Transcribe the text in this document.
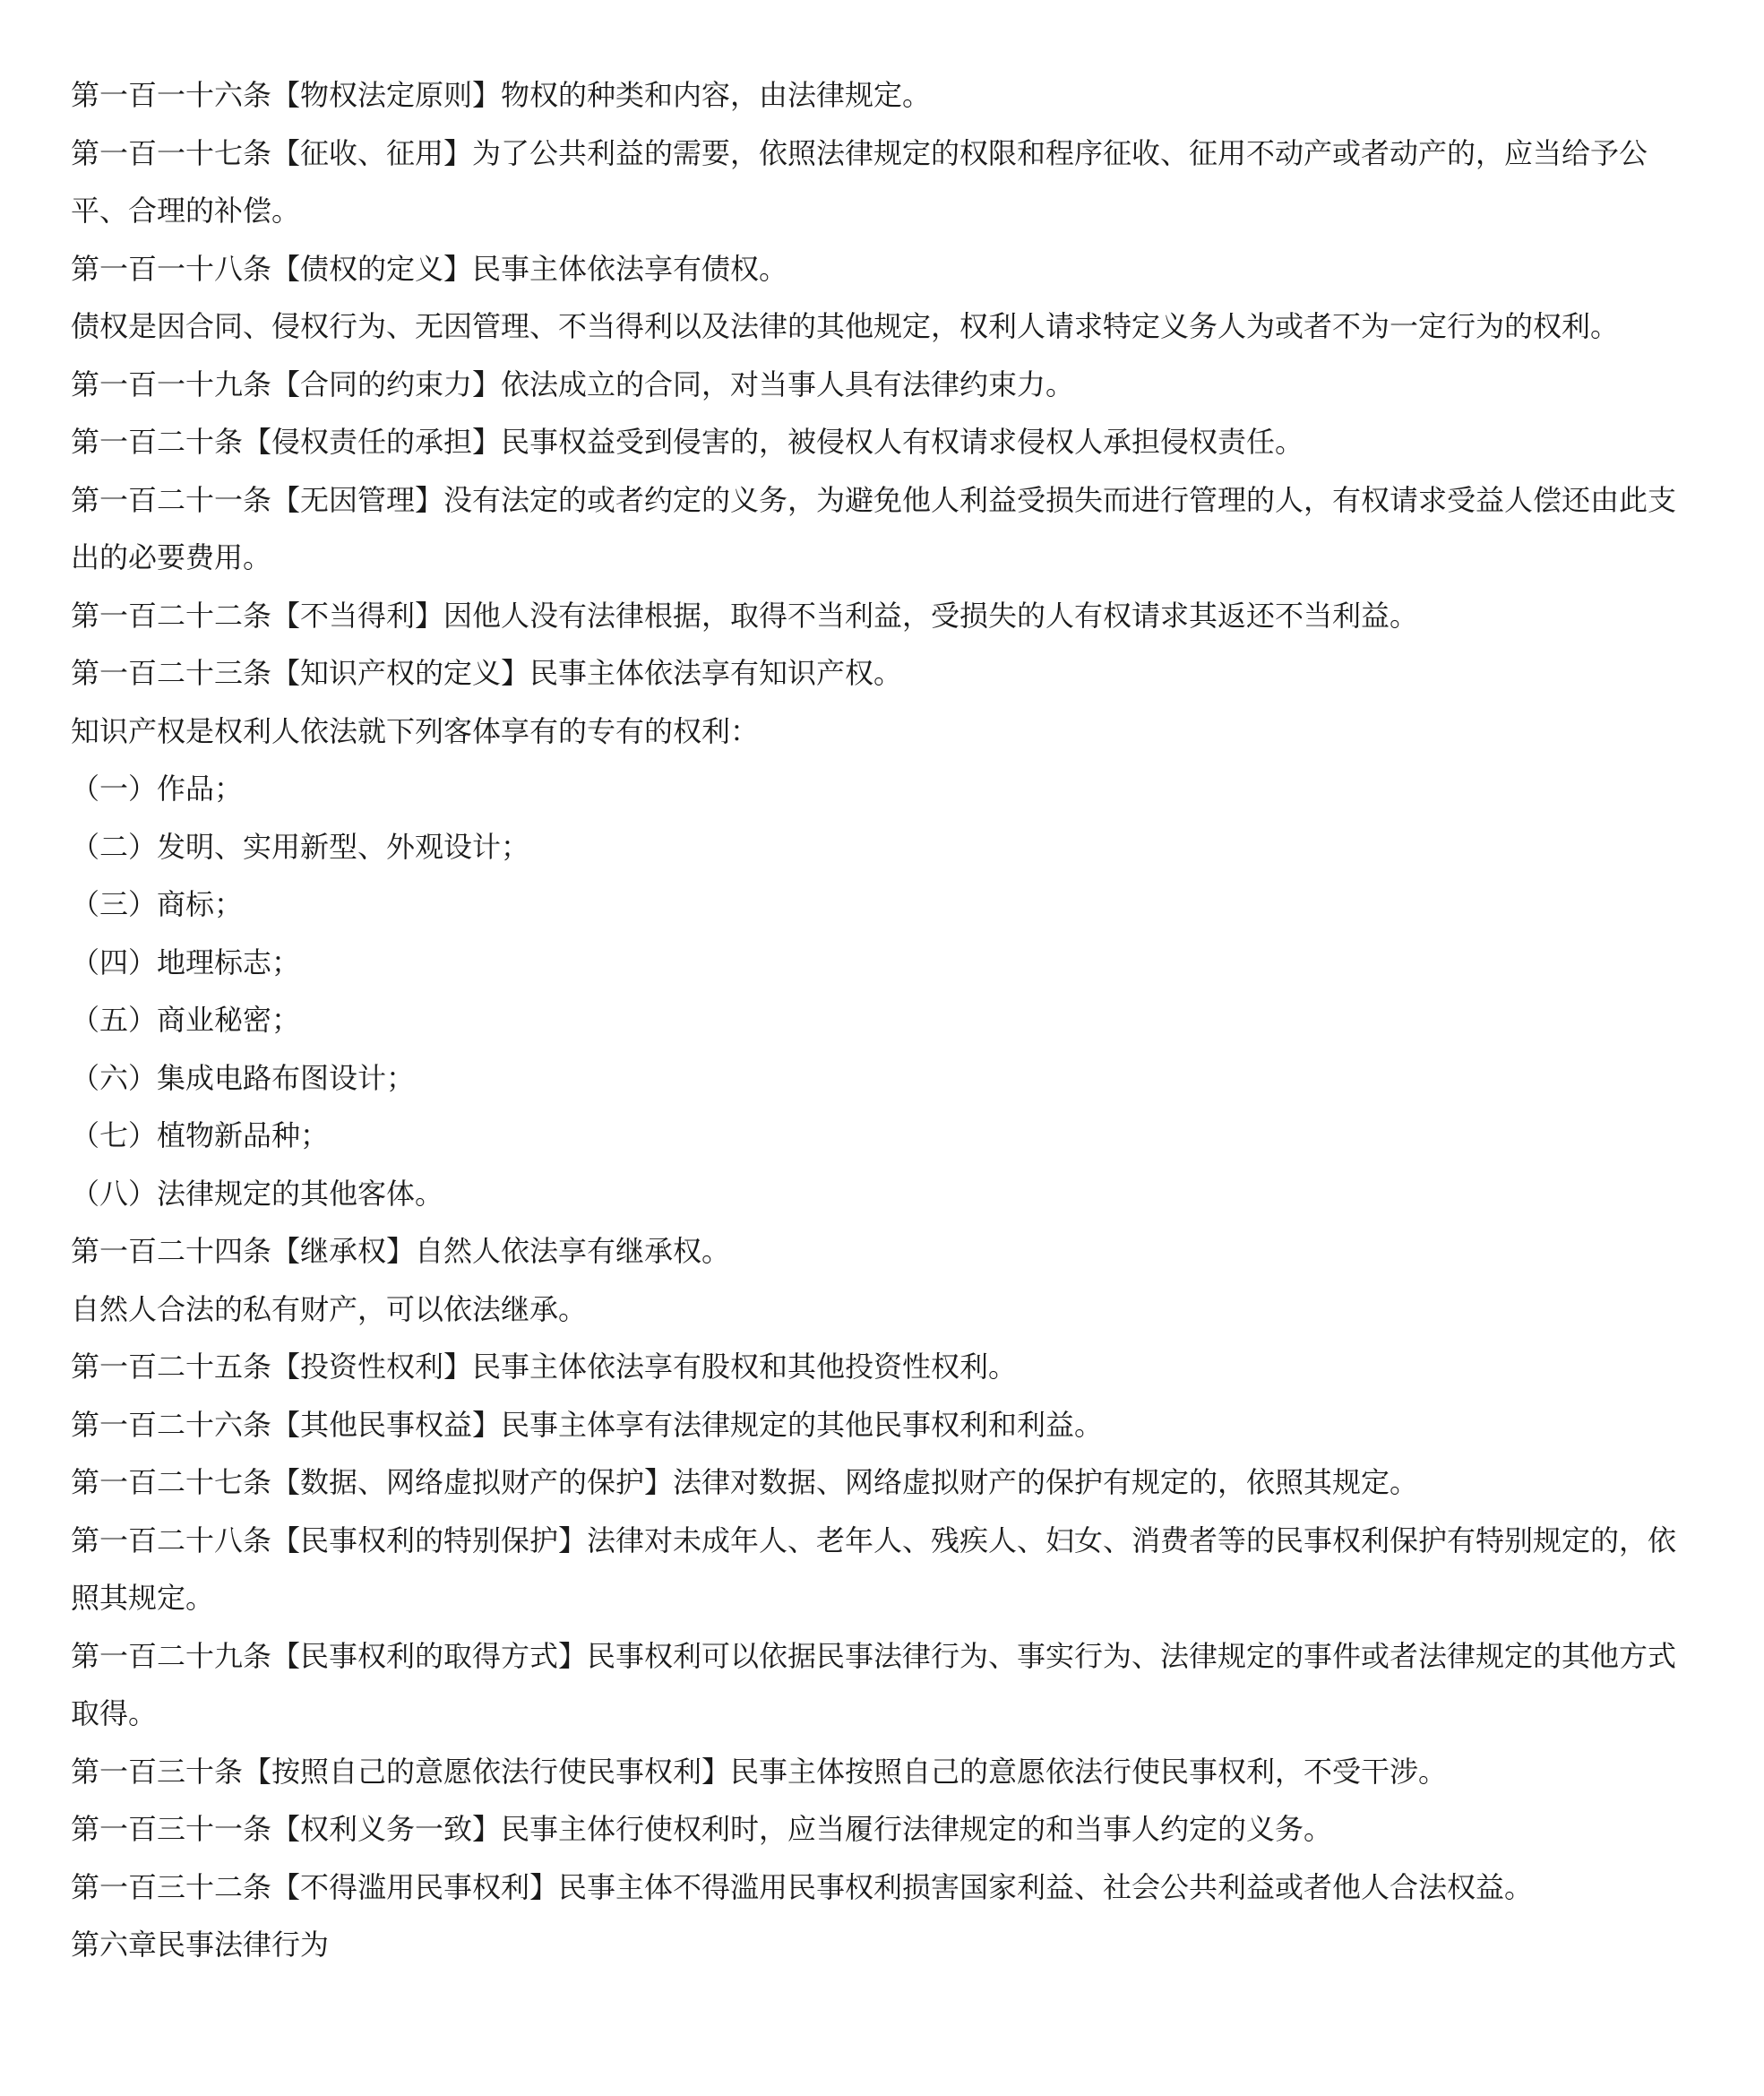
第一百一十六条【物权法定原则】物权的种类和内容，由法律规定。

第一百一十七条【征收、征用】为了公共利益的需要，依照法律规定的权限和程序征收、征用不动产或者动产的，应当给予公平、合理的补偿。

第一百一十八条【债权的定义】民事主体依法享有债权。

债权是因合同、侵权行为、无因管理、不当得利以及法律的其他规定，权利人请求特定义务人为或者不为一定行为的权利。

第一百一十九条【合同的约束力】依法成立的合同，对当事人具有法律约束力。

第一百二十条【侵权责任的承担】民事权益受到侵害的，被侵权人有权请求侵权人承担侵权责任。

第一百二十一条【无因管理】没有法定的或者约定的义务，为避免他人利益受损失而进行管理的人，有权请求受益人偿还由此支出的必要费用。

第一百二十二条【不当得利】因他人没有法律根据，取得不当利益，受损失的人有权请求其返还不当利益。

第一百二十三条【知识产权的定义】民事主体依法享有知识产权。

知识产权是权利人依法就下列客体享有的专有的权利：

（一）作品；

（二）发明、实用新型、外观设计；

（三）商标；

（四）地理标志；

（五）商业秘密；

（六）集成电路布图设计；

（七）植物新品种；

（八）法律规定的其他客体。

第一百二十四条【继承权】自然人依法享有继承权。

自然人合法的私有财产，可以依法继承。

第一百二十五条【投资性权利】民事主体依法享有股权和其他投资性权利。

第一百二十六条【其他民事权益】民事主体享有法律规定的其他民事权利和利益。

第一百二十七条【数据、网络虚拟财产的保护】法律对数据、网络虚拟财产的保护有规定的，依照其规定。

第一百二十八条【民事权利的特别保护】法律对未成年人、老年人、残疾人、妇女、消费者等的民事权利保护有特别规定的，依照其规定。

第一百二十九条【民事权利的取得方式】民事权利可以依据民事法律行为、事实行为、法律规定的事件或者法律规定的其他方式取得。

第一百三十条【按照自己的意愿依法行使民事权利】民事主体按照自己的意愿依法行使民事权利，不受干涉。

第一百三十一条【权利义务一致】民事主体行使权利时，应当履行法律规定的和当事人约定的义务。

第一百三十二条【不得滥用民事权利】民事主体不得滥用民事权利损害国家利益、社会公共利益或者他人合法权益。

第六章民事法律行为
